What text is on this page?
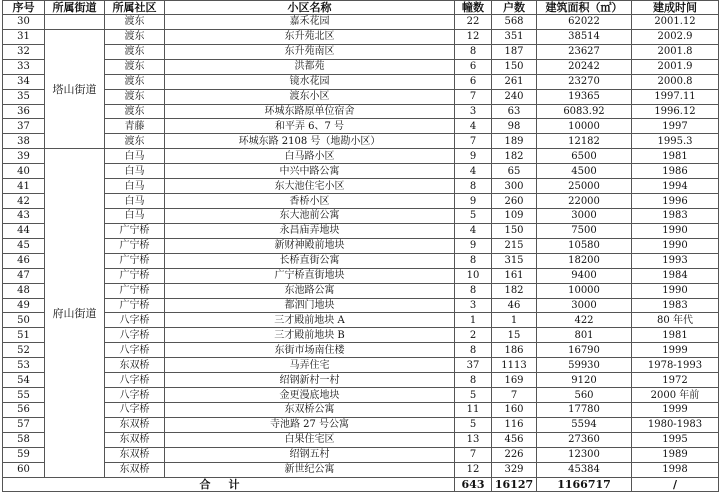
序号	所属街道	所属社区	小区名称	幢数	户数	建筑面积（㎡）	建成时间
30		渡东	嘉禾花园	22	568	62022	2001.12
31	塔山街道	渡东	东升苑北区	12	351	38514	2002.9
32		渡东	东升苑南区	8	187	23627	2001.8
33		渡东	洪都苑	6	150	20242	2001.9
34		渡东	镜水花园	6	261	23270	2000.8
35		渡东	渡东小区	7	240	19365	1997.11
36		渡东	环城东路原单位宿舍	3	63	6083.92	1996.12
37		青藤	和平弄 6、7 号	4	98	10000	1997
38		渡东	环城东路 2108 号（地勘小区）	7	189	12182	1995.3
39	府山街道	白马	白马路小区	9	182	6500	1981
40		白马	中兴中路公寓	4	65	4500	1986
41		白马	东大池住宅小区	8	300	25000	1994
42		白马	香桥小区	9	260	22000	1996
43		白马	东大池前公寓	5	109	3000	1983
44		广宁桥	永昌庙弄地块	4	150	7500	1990
45		广宁桥	新财神殿前地块	9	215	10580	1990
46		广宁桥	长桥直街公寓	8	315	18200	1993
47		广宁桥	广宁桥直街地块	10	161	9400	1984
48		广宁桥	东池路公寓	8	182	10000	1990
49		广宁桥	都泗门地块	3	46	3000	1983
50		八字桥	三才殿前地块 A	1	1	422	80 年代
51		八字桥	三才殿前地块 B	2	15	801	1981
52		八字桥	东街市场南住楼	8	186	16790	1999
53		东双桥	马弄住宅	37	1113	59930	1978-1993
54		八字桥	绍钢新村一村	8	169	9120	1972
55		八字桥	金更漫底地块	5	7	560	2000 年前
56		八字桥	东双桥公寓	11	160	17780	1999
57		东双桥	寺池路 27 号公寓	5	116	5594	1980-1983
58		东双桥	白果住宅区	13	456	27360	1995
59		东双桥	绍钢五村	7	226	12300	1989
60		东双桥	新世纪公寓	12	329	45384	1998
合计				643	16127	1166717	/
